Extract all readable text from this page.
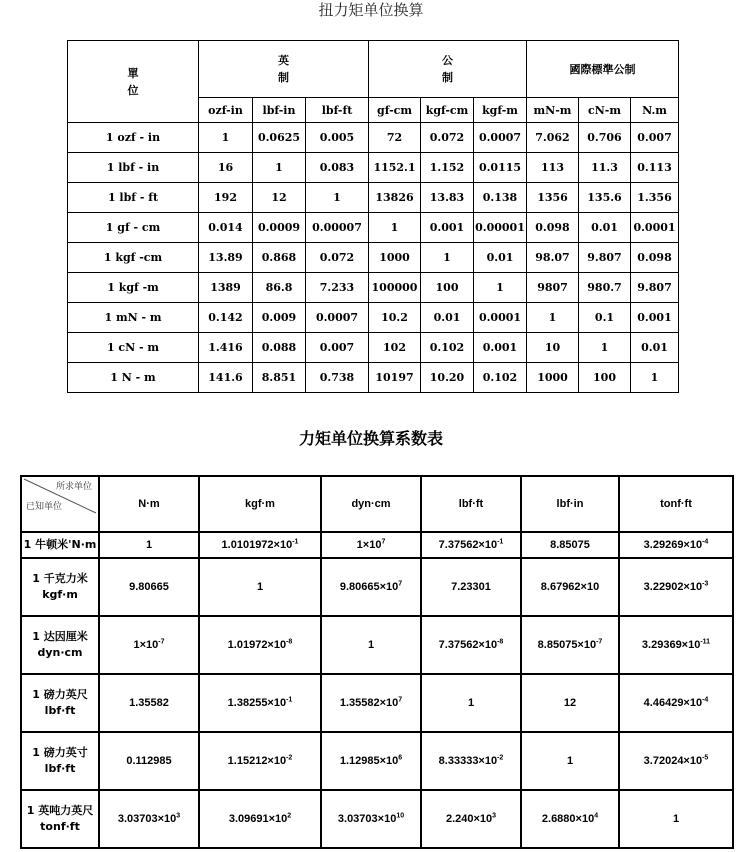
扭力矩单位换算
單
位	英
制			公
制			國際標準公制		
	ozf-in	lbf-in	lbf-ft	gf-cm	kgf-cm	kgf-m	mN-m	cN-m	N.m
1 ozf - in	1	0.0625	0.005	72	0.072	0.0007	7.062	0.706	0.007
1 lbf - in	16	1	0.083	1152.1	1.152	0.0115	113	11.3	0.113
1 lbf - ft	192	12	1	13826	13.83	0.138	1356	135.6	1.356
1 gf - cm	0.014	0.0009	0.00007	1	0.001	0.00001	0.098	0.01	0.0001
1 kgf -cm	13.89	0.868	0.072	1000	1	0.01	98.07	9.807	0.098
1 kgf -m	1389	86.8	7.233	100000	100	1	9807	980.7	9.807
1 mN - m	0.142	0.009	0.0007	10.2	0.01	0.0001	1	0.1	0.001
1 cN - m	1.416	0.088	0.007	102	0.102	0.001	10	1	0.01
1 N - m	141.6	8.851	0.738	10197	10.20	0.102	1000	100	1
力矩单位换算系数表
所求单位
已知单位	N·m	kgf·m	dyn·cm	lbf·ft	lbf·in	tonf·ft
1 牛顿米'N·m	1	$1.0101972\times 10^{-1}$	$1\times 10^7$	$7.37562\times 10^{-1}$	8.85075	$3.29269\times 10^{-4}$
1 千克力米
kgf·m	9.80665	1	$9.80665\times 10^7$	7.23301	8.67962×10	$3.22902\times 10^{-3}$
1 达因厘米
dyn·cm	$1\times 10^{-7}$	$1.01972\times 10^{-8}$	1	$7.37562\times 10^{-8}$	$8.85075\times 10^{-7}$	$3.29369\times 10^{-11}$
1 磅力英尺
lbf·ft	1.35582	$1.38255\times 10^{-1}$	$1.35582\times 10^7$	1	12	$4.46429\times 10^{-4}$
1 磅力英寸
lbf·ft	0.112985	$1.15212\times 10^{-2}$	$1.12985\times 10^6$	$8.33333\times 10^{-2}$	1	$3.72024\times 10^{-5}$
1 英吨力英尺
tonf·ft	$3.03703\times 10^3$	$3.09691\times 10^2$	$3.03703\times 10^{10}$	$2.240\times 10^3$	$2.6880\times 10^4$	1
